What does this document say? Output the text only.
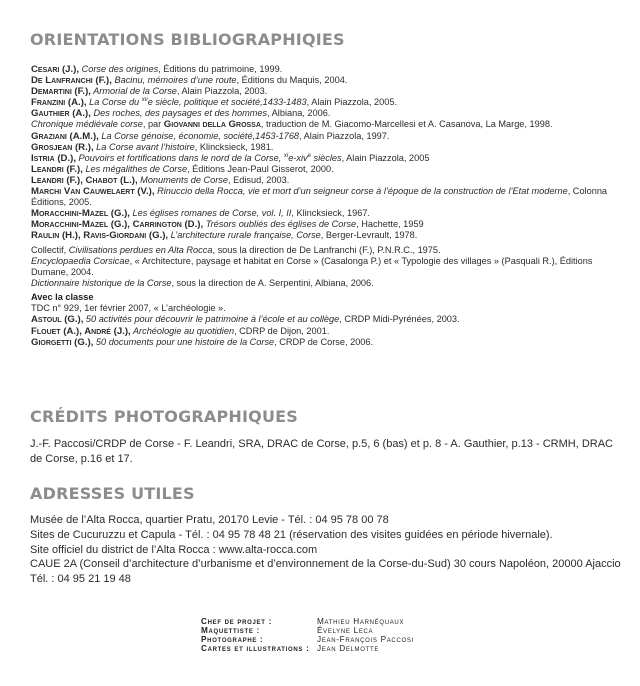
ORIENTATIONS BIBLIOGRAPHIQIES
Cesari (J.), Corse des origines, Éditions du patrimoine, 1999.
De Lanfranchi (F.), Bacinu, mémoires d’une route, Éditions du Maquis, 2004.
Demartini (F.), Armorial de la Corse, Alain Piazzola, 2003.
Franzini (A.), La Corse du $^{xv}$e siècle, politique et société,1433-1483, Alain Piazzola, 2005.
Gauthier (A.), Des roches, des paysages et des hommes, Albiana, 2006.
Chronique médiévale corse, par Giovanni della Grossa, traduction de M. Giacomo-Marcellesi et A. Casanova, La Marge, 1998.
Graziani (A.M.), La Corse génoise, économie, société,1453-1768, Alain Piazzola, 1997.
Grosjean (R.), La Corse avant l’histoire, Klincksieck, 1981.
Istria (D.), Pouvoirs et fortifications dans le nord de la Corse, $^{xi}$e-xiv$^e$ siècles, Alain Piazzola, 2005
Leandri (F.), Les mégalithes de Corse, Éditions Jean-Paul Gisserot, 2000.
Leandri (F.), Chabot (L.), Monuments de Corse, Edisud, 2003.
Marchi Van Cauwelaert (V.), Rinuccio della Rocca, vie et mort d’un seigneur corse à l’époque de la construction de l’Etat moderne, Colonna Éditions, 2005.
Moracchini-Mazel (G.), Les églises romanes de Corse, vol. I, II, Klincksieck, 1967.
Moracchini-Mazel (G.), Carrington (D.), Trésors oubliés des églises de Corse, Hachette, 1959
Raulin (H.), Ravis-Giordani (G.), L’architecture rurale française, Corse, Berger-Levrault, 1978.
Collectif, Civilisations perdues en Alta Rocca, sous la direction de De Lanfranchi (F.), P.N.R.C., 1975.
Encyclopaedia Corsicae, « Architecture, paysage et habitat en Corse » (Casalonga P.) et « Typologie des villages » (Pasquali R.), Éditions Dumane, 2004.
Dictionnaire historique de la Corse, sous la direction de A. Serpentini, Albiana, 2006.
Avec la classe
TDC n° 929, 1er février 2007, « L’archéologie ».
Astoul (G.), 50 activités pour découvrir le patrimoine à l’école et au collège, CRDP Midi-Pyrénées, 2003.
Flouet (A.), André (J.), Archéologie au quotidien, CDRP de Dijon, 2001.
Giorgetti (G.), 50 documents pour une histoire de la Corse, CRDP de Corse, 2006.
CRÉDITS PHOTOGRAPHIQUES
J.-F. Paccosi/CRDP de Corse - F. Leandri, SRA, DRAC de Corse, p.5, 6 (bas) et p. 8 - A. Gauthier, p.13 - CRMH, DRAC de Corse, p.16 et 17.
ADRESSES UTILES
Musée de l’Alta Rocca, quartier Pratu, 20170 Levie - Tél. : 04 95 78 00 78
Sites de Cucuruzzu et Capula - Tél. : 04 95 78 48 21 (réservation des visites guidées en période hivernale).
Site officiel du district de l’Alta Rocca : www.alta-rocca.com
CAUE 2A (Conseil d’architecture d’urbanisme et d’environnement de la Corse-du-Sud) 30 cours Napoléon, 20000 Ajaccio
Tél. : 04 95 21 19 48
Chef de projet :	Mathieu Harnéquaux
Maquettiste :	Évelyne Leca
Photographe :	Jean-François Paccosi
Cartes et illustrations : Jean Delmotte
